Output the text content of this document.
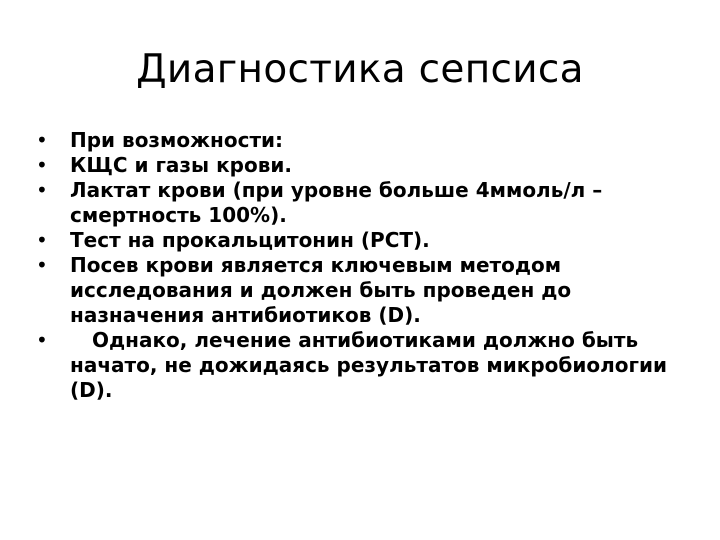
Диагностика сепсиса
•	При возможности:
•	КЩС и газы крови.
•	Лактат крови (при уровне больше 4ммоль/л – смертность 100%).
•	Тест на прокальцитонин (PCT).
•	Посев крови является ключевым методом исследования и должен быть проведен до назначения антибиотиков (D).
•	Однако, лечение антибиотиками должно быть начато, не дожидаясь результатов микробиологии (D).
